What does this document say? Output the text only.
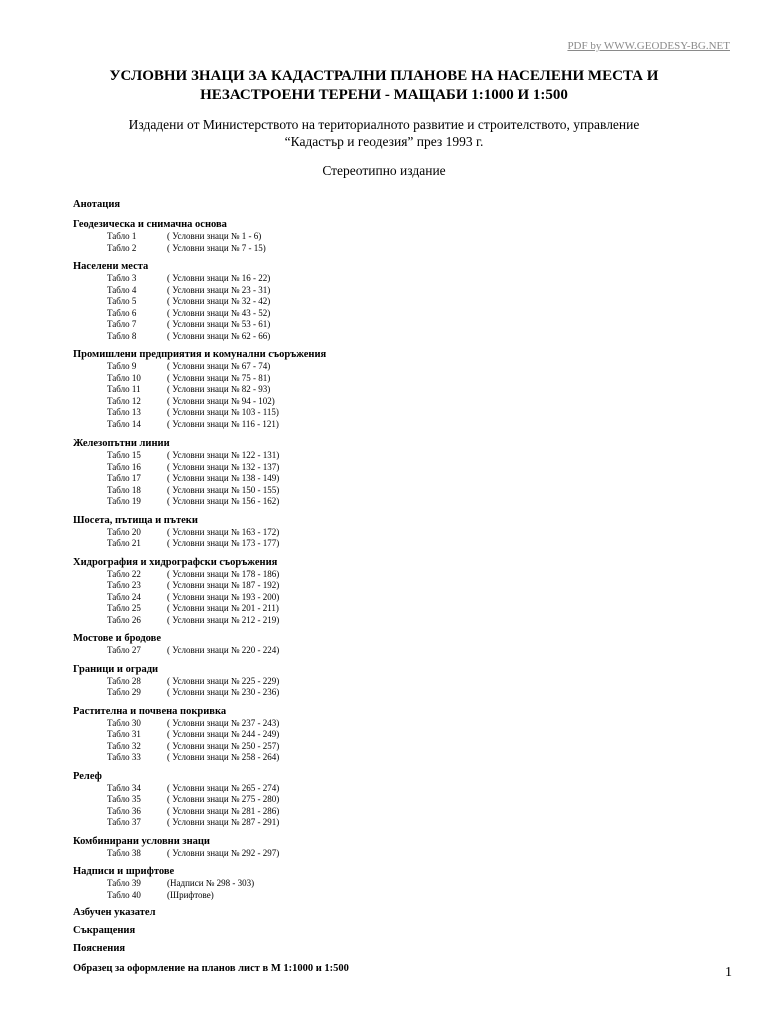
PDF by WWW.GEODESY-BG.NET
УСЛОВНИ ЗНАЦИ ЗА КАДАСТРАЛНИ ПЛАНОВЕ НА НАСЕЛЕНИ МЕСТА И
НЕЗАСТРОЕНИ ТЕРЕНИ - МАЩАБИ 1:1000 И 1:500
Издадени от Министерството на териториалното развитие и строителството, управление
“Кадастър и геодезия” през 1993 г.
Стереотипно издание
Анотация
Геодезическа и снимачна основа
Табло 1	( Условни знаци № 1 - 6)
Табло 2	( Условни знаци № 7 - 15)
Населени места
Табло 3	( Условни знаци № 16 - 22)
Табло 4	( Условни знаци № 23 - 31)
Табло 5	( Условни знаци № 32 - 42)
Табло 6	( Условни знаци № 43 - 52)
Табло 7	( Условни знаци № 53 - 61)
Табло 8	( Условни знаци № 62 - 66)
Промишлени предприятия и комунални съоръжения
Табло 9	( Условни знаци № 67 - 74)
Табло 10	( Условни знаци № 75 - 81)
Табло 11	( Условни знаци № 82 - 93)
Табло 12	( Условни знаци № 94 - 102)
Табло 13	( Условни знаци № 103 - 115)
Табло 14	( Условни знаци № 116 - 121)
Железопътни линии
Табло 15	( Условни знаци № 122 - 131)
Табло 16	( Условни знаци № 132 - 137)
Табло 17	( Условни знаци № 138 - 149)
Табло 18	( Условни знаци № 150 - 155)
Табло 19	( Условни знаци № 156 - 162)
Шосета, пътища и пътеки
Табло 20	( Условни знаци № 163 - 172)
Табло 21	( Условни знаци № 173 - 177)
Хидрография и хидрографски съоръжения
Табло 22	( Условни знаци № 178 - 186)
Табло 23	( Условни знаци № 187 - 192)
Табло 24	( Условни знаци № 193 - 200)
Табло 25	( Условни знаци № 201 - 211)
Табло 26	( Условни знаци № 212 - 219)
Мостове и бродове
Табло 27	( Условни знаци № 220 - 224)
Граници и огради
Табло 28	( Условни знаци № 225 - 229)
Табло 29	( Условни знаци № 230 - 236)
Растителна и почвена покривка
Табло 30	( Условни знаци № 237 - 243)
Табло 31	( Условни знаци № 244 - 249)
Табло 32	( Условни знаци № 250 - 257)
Табло 33	( Условни знаци № 258 - 264)
Релеф
Табло 34	( Условни знаци № 265 - 274)
Табло 35	( Условни знаци № 275 - 280)
Табло 36	( Условни знаци № 281 - 286)
Табло 37	( Условни знаци № 287 - 291)
Комбинирани условни знаци
Табло 38	( Условни знаци № 292 - 297)
Надписи и шрифтове
Табло 39	(Надписи № 298 - 303)
Табло 40	(Шрифтове)
Азбучен указател
Съкращения
Пояснения
Образец за оформление на планов лист в М 1:1000 и 1:500	1
